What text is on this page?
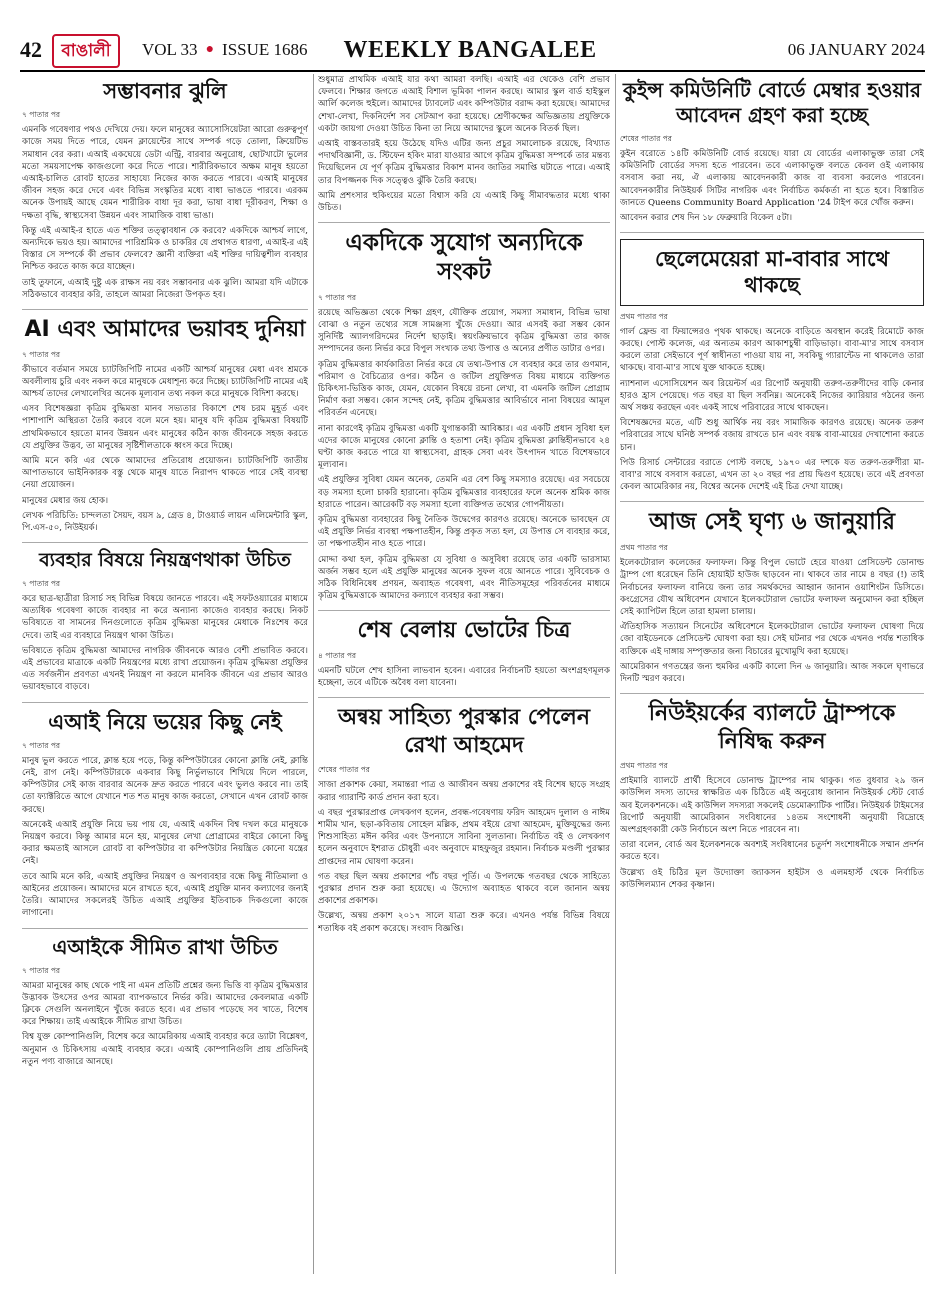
42	বাঙালী	VOL 33 ● ISSUE 1686 WEEKLY BANGALEE	06 JANUARY 2024
সম্ভাবনার ঝুলি
৭ পাতার পর

এমনকি গবেষণার পথও দেখিয়ে দেয়। ফলে মানুষের অ্যাসোসিয়েটরা আরো গুরুত্বপূর্ণ কাজে সময় দিতে পারে, যেমন ক্লায়েন্টের সাথে সম্পর্ক গড়ে তোলা, ক্রিয়েটিভ সমাধান বের করা। এআই একঘেয়ে ডেটা এন্ট্রি, বারবার অনুরোধ, ছোটখাটো ভুলের মতো সময়সাপেক্ষ কাজগুলো করে দিতে পারে। শারীরিকভাবে অক্ষম মানুষ হয়তো এআই-চালিত রোবট হাতের সাহায্যে নিজের কাজ করতে পারবে। এআই মানুষের জীবন সহজ করে দেবে এবং বিভিন্ন সংস্কৃতির মধ্যে বাধা ভাঙতে পারবে। এরকম অনেক উপায়ই আছে যেমন শারীরিক বাধা দূর করা, ভাষা বাধা দূরীকরণ, শিক্ষা ও দক্ষতা বৃদ্ধি, স্বাস্থ্যসেবা উন্নয়ন এবং সামাজিক বাধা ভাঙা।

কিন্তু এই এআই-র হাতে এত শক্তির তত্ত্বাবধান কে করবে? একদিকে আশ্চর্য লাগে, অন্যদিকে ভয়ও হয়। আমাদের পারিশ্রমিক ও চাকরির যে প্রথাগত ধারণা, এআই-র এই বিস্তার সে সম্পর্কে কী প্রভাব ফেলবে? জ্ঞানী ব্যক্তিরা এই শক্তির দায়িত্বশীল ব্যবহার নিশ্চিত করতে কাজ করে যাচ্ছেন।

তাই তুফানে, এআই দুষ্টু এক রাক্ষস নয় বরং সম্ভাবনার এক ঝুলি। আমরা যদি এটাকে সঠিকভাবে ব্যবহার করি, তাহলে আমরা নিজেরা উপকৃত হব।

AI এবং আমাদের ভয়াবহ দুনিয়া
৭ পাতার পর

কীভাবে বর্তমান সময়ে চ্যাটজিপিটি নামের একটি আশ্চর্য মানুষের মেধা এবং শ্রমকে অবলীলায় চুরি এবং নকল করে মানুষকে মেধাশূন্য করে দিচ্ছে। চ্যাটজিপিটি নামের এই আশ্চর্য তাদের লেখালেখির অনেক মূল্যবান তথ্য নকল করে মানুষকে বিদিশা করছে।

এসব বিশেষজ্ঞরা কৃত্রিম বুদ্ধিমত্তা মানব সভ্যতার বিকাশে শেষ চরম মুহূর্ত এবং পাশাপাশি অস্থিরতা তৈরি করবে বলে মনে হয়। মানুষ যদি কৃত্রিম বুদ্ধিমত্তা বিষয়টি প্রাথমিকভাবে হয়তো মানব উন্নয়ন এবং মানুষের কঠিন কাজ জীবনকে সহজ করতে যে প্রযুক্তির উদ্ভব, তা মানুষের সৃষ্টিশীলতাকে ধ্বংস করে দিচ্ছে।

আমি মনে করি এর থেকে আমাদের প্রতিরোধ প্রয়োজন। চ্যাটজিপিটি জাতীয় আপাতভাবে ভাইনিকারক বস্তু থেকে মানুষ যাতে নিরাপদ থাকতে পারে সেই ব্যবস্থা নেয়া প্রয়োজন।

মানুষের মেধার জয় হোক।

লেখক পরিচিতি: চান্দলতা সৈয়দ, বয়স ৯, গ্রেড ৪, টাওয়ার্ড লায়ন এলিমেন্টারি স্কুল, পি.এস-৫০, নিউইয়র্ক।

ব্যবহার বিষয়ে নিয়ন্ত্রণথাকা উচিত
৭ পাতার পর

করে ছাত্র-ছাত্রীরা রিসার্চ সহ বিভিন্ন বিষয়ে জানতে পারবে। এই সফটওয়্যারের মাধ্যমে অত্যধিক গবেষণা কাজে ব্যবহার না করে অন্যান্য কাজেও ব্যবহার করছে। নিকট ভবিষ্যতে বা সামনের দিনগুলোতে কৃত্রিম বুদ্ধিমত্তা মানুষের মেধাকে নিঃশেষ করে দেবে। তাই এর ব্যবহারে নিয়ন্ত্রণ থাকা উচিত।

ভবিষ্যতে কৃত্রিম বুদ্ধিমত্তা আমাদের নাগরিক জীবনকে আরও বেশী প্রভাবিত করবে। এই প্রভাবের মাত্রাকে একটি নিয়ন্ত্রণের মধ্যে রাখা প্রয়োজন। কৃত্রিম বুদ্ধিমত্তা প্রযুক্তির এত সর্বজনীন প্রবণতা এখনই নিয়ন্ত্রণ না করলে মানবিক জীবনে এর প্রভাব আরও ভয়াবহভাবে বাড়বে।

এআই নিয়ে ভয়ের কিছু নেই
৭ পাতার পর

মানুষ ভুল করতে পারে, ক্লান্ত হয়ে পড়ে, কিন্তু কম্পিউটারের কোনো ক্লান্তি নেই, ক্লান্তি নেই, রাগ নেই। কম্পিউটারকে একবার কিছু নির্ভুলভাবে শিখিয়ে দিলে পারলে, কম্পিউটার সেই কাজ বারবার অনেক দ্রুত করতে পারবে এবং ভুলও করবে না। তাই তো ফ্যাক্টরিতে আগে যেখানে শত শত মানুষ কাজ করতো, সেখানে এখন রোবট কাজ করছে।

অনেকেই এআই প্রযুক্তি নিয়ে ভয় পায় যে, এআই একদিন বিশ্ব দখল করে মানুষকে নিয়ন্ত্রণ করবে। কিন্তু আমার মনে হয়, মানুষের লেখা প্রোগ্রামের বাইরে কোনো কিছু করার ক্ষমতাই আসলে রোবট বা কম্পিউটার বা কম্পিউটার নিয়ন্ত্রিত কোনো যন্ত্রের নেই।

তবে আমি মনে করি, এআই প্রযুক্তির নিয়ন্ত্রণ ও অপব্যবহার বন্ধে কিছু নীতিমালা ও আইনের প্রয়োজন। আমাদের মনে রাখতে হবে, এআই প্রযুক্তি মানব কল্যাণের জন্যই তৈরি। আমাদের সকলেরই উচিত এআই প্রযুক্তির ইতিবাচক দিকগুলো কাজে লাগানো।

এআইকে সীমিত রাখা উচিত
৭ পাতার পর

আমরা মানুষের কাছ থেকে পাই না এমন প্রতিটি প্রশ্নের জন্য ভিত্তি বা কৃত্রিম বুদ্ধিমত্তার উদ্ভাবক উৎসের ওপর আমরা ব্যাপকভাবে নির্ভর করি। আমাদের কেবলমাত্র একটি ক্লিকে সেগুলি অনলাইনে খুঁজে করতে হবে। এর প্রভাব পড়েছে সব খাতে, বিশেষ করে শিক্ষায়। তাই এআইকে সীমিত রাখা উচিত।

বিশ্ব যুক্ত কোম্পানিগুলি, বিশেষ করে আমেরিকায় এআই ব্যবহার করে ড্যাটা বিশ্লেষণ, অনুমান ও চিকিৎসায় এআই ব্যবহার করে। এআই কোম্পানিগুলি প্রায় প্রতিদিনই নতুন পণ্য বাজারে আনছে।

শুধুমাত্র প্রাথমিক এআই যার কথা আমরা বলছি। এআই এর থেকেও বেশি প্রভাব ফেলবে। শিক্ষার জগতে এআই বিশাল ভূমিকা পালন করছে। আমার স্কুল বার্ড হাইস্কুল আর্লি কলেজ হুইলে। আমাদের ট্যাবলেট এবং কম্পিউটার বরাদ্দ করা হয়েছে। আমাদের শেখা-লেখা, দিকনির্দেশ সব সেটআপ করা হয়েছে। শ্রেণীকক্ষের অভিজ্ঞতায় প্রযুক্তিকে একটা জায়গা দেওয়া উচিত কিনা তা নিয়ে আমাদের স্কুলে অনেক বিতর্ক ছিল।

এআই বাস্তবতারই হয়ে উঠেছে যদিও এটির জন্য প্রচুর সমালোচক রয়েছে, বিখ্যাত পদার্থবিজ্ঞানী, ড. স্টিফেন হকিং মারা যাওয়ার আগে কৃত্রিম বুদ্ধিমত্তা সম্পর্কে তার মন্তব্য দিয়েছিলেন যে পূর্ণ কৃত্রিম বুদ্ধিমত্তার বিকাশ মানব জাতির সমাপ্তি ঘটাতে পারে। এআই তার বিপজ্জনক দিক সত্ত্বেও ঝুঁকি তৈরি করছে।

আমি প্রশংসার হুকিংয়ের মতো বিশ্বাস করি যে এআই কিছু সীমাবদ্ধতার মধ্যে থাকা উচিত।

একদিকে সুযোগ অন্যদিকে সংকট
৭ পাতার পর

রয়েছে অভিজ্ঞতা থেকে শিক্ষা গ্রহণ, যৌক্তিক প্রয়োগ, সমস্যা সমাধান, বিভিন্ন ভাষা বোঝা ও নতুন তথ্যের সঙ্গে সামঞ্জস্য খুঁজে দেওয়া। আর এসবই করা সম্ভব কোন সুনির্দিষ্ট অ্যালগরিদমের নির্দেশ ছাড়াই। স্বয়ংক্রিয়ভাবে কৃত্রিম বুদ্ধিমত্তা তার কাজ সম্পাদনের জন্য নির্ভর করে বিপুল সংখ্যক তথ্য উপাত্ত ও অন্যের প্রণীত ডাটার ওপর।

কৃত্রিম বুদ্ধিমত্তার কার্যকারিতা নির্ভর করে যে তথ্য-উপাত্ত সে ব্যবহার করে তার গুণমান, পরিমাণ ও বৈচিত্র্যের ওপর। কঠিন ও জটিল প্রযুক্তিগত বিষয় মাধ্যমে ব্যক্তিগত চিকিৎসা-ভিত্তিক কাজ, যেমন, যেকোন বিষয়ে রচনা লেখা, বা এমনকি জটিল প্রোগ্রাম নির্মাণ করা সম্ভব। কোন সন্দেহ নেই, কৃত্রিম বুদ্ধিমত্তার আবির্ভাবে নানা বিষয়ের আমূল পরিবর্তন এনেছে।

নানা কারণেই কৃত্রিম বুদ্ধিমত্তা একটি যুগান্তকারী আবিষ্কার। এর একটি প্রধান সুবিধা হল এদের কাজে মানুষের কোনো ক্লান্তি ও হতাশা নেই। কৃত্রিম বুদ্ধিমত্তা ক্লান্তিহীনভাবে ২৪ ঘণ্টা কাজ করতে পারে যা স্বাস্থ্যসেবা, গ্রাহক সেবা এবং উৎপাদন খাতে বিশেষভাবে মূল্যবান।

এই প্রযুক্তির সুবিধা যেমন অনেক, তেমনি এর বেশ কিছু সমস্যাও রয়েছে। এর সবচেয়ে বড় সমস্যা হলো চাকরি হারানো। কৃত্রিম বুদ্ধিমত্তার ব্যবহারের ফলে অনেক শ্রমিক কাজ হারাতে পারেন। আরেকটি বড় সমস্যা হলো ব্যক্তিগত তথ্যের গোপনীয়তা।

কৃত্রিম বুদ্ধিমত্তা ব্যবহারের কিছু নৈতিক উদ্বেগের কারণও রয়েছে। অনেকে ভাবছেন যে এই প্রযুক্তি নির্ভর ব্যবস্থা পক্ষপাতহীন, কিন্তু প্রকৃত সত্য হল, যে উপাত্ত সে ব্যবহার করে, তা পক্ষপাতহীন নাও হতে পারে।

মোদ্দা কথা হল, কৃত্রিম বুদ্ধিমত্তা যে সুবিধা ও অসুবিধা রয়েছে তার একটি ভারসাম্য অর্জন সম্ভব হলে এই প্রযুক্তি মানুষের অনেক সুফল বয়ে আনতে পারে। সুবিবেচক ও সঠিক বিধিনিষেধ প্রণয়ন, অব্যাহত গবেষণা, এবং নীতিসমূহের পরিবর্তনের মাধ্যমে কৃত্রিম বুদ্ধিমত্তাকে আমাদের কল্যাণে ব্যবহার করা সম্ভব।

শেষ বেলায় ভোটের চিত্র
৪ পাতার পর

এমনটি ঘটলে শেখ হাসিনা লাভবান হবেন। এবারের নির্বাচনটি হয়তো অংশগ্রহণমূলক হচ্ছেনা, তবে এটিকে অবৈধ বলা যাবেনা।

অন্বয় সাহিত্য পুরস্কার পেলেন রেখা আহমেদ
শেষের পাতার পর

সাজা প্রকাশক কেয়া, সমান্তরা পাত্র ও আজীবন অন্বয় প্রকাশের বই বিশেষ ছাড়ে সংগ্রহ করার গ্যারান্টি কার্ড প্রদান করা হবে।

এ বছর পুরস্কারপ্রাপ্ত লেখকগণ হলেন, প্রবন্ধ-গবেষণায় ফরিদ আহমেদ দুলাল ও নাঈম শামীম খান, ছড়া-কবিতায় সোহেল মল্লিক, প্রথম বইয়ে রেখা আহমেদ, মুক্তিযুদ্ধের জন্য শিশুসাহিত্য মঈন কবির এবং উপন্যাসে সাবিনা সুলতানা। নির্বাচিত বই ও লেখকগণ হলেন অনুবাদে ইশরাত চৌধুরী এবং অনুবাদে মাহফুজুর রহমান। নির্বাচক মণ্ডলী পুরস্কার প্রাপ্তদের নাম ঘোষণা করেন।

গত বছর ছিল অন্বয় প্রকাশের পাঁচ বছর পূর্তি। এ উপলক্ষে গতবছর থেকে সাহিত্যে পুরস্কার প্রদান শুরু করা হয়েছে। এ উদ্যোগ অব্যাহত থাকবে বলে জানান অন্বয় প্রকাশের প্রকাশক।

উল্লেখ্য, অন্বয় প্রকাশ ২০১৭ সালে যাত্রা শুরু করে। এখনও পর্যন্ত বিভিন্ন বিষয়ে শতাধিক বই প্রকাশ করেছে। সংবাদ বিজ্ঞপ্তি।

কুইন্স কমিউনিটি বোর্ডে মেম্বার হওয়ার আবেদন গ্রহণ করা হচ্ছে
শেষের পাতার পর

কুইন বরোতে ১৪টি কমিউনিটি বোর্ড রয়েছে। যারা যে বোর্ডের এলাকাভুক্ত তারা সেই কমিউনিটি বোর্ডের সদস্য হতে পারবেন। তবে এলাকাভুক্ত বলতে কেবল ওই এলাকায় বসবাস করা নয়, ঐ এলাকায় আবেদনকারী কাজ বা ব্যবসা করলেও পারবেন। আবেদনকারীর নিউইয়র্ক সিটির নাগরিক এবং নির্বাচিত কর্মকর্তা না হতে হবে। বিস্তারিত জানতে Queens Community Board Application '24 টাইপ করে খোঁজ করুন।

আবেদন করার শেষ দিন ১৮ ফেব্রুয়ারি বিকেল ৫টা।

ছেলেমেয়েরা মা-বাবার সাথে থাকছে
প্রথম পাতার পর

গার্ল ফ্রেন্ড বা ফিয়ান্সেরও পৃথক থাকছে। অনেকে বাড়িতে অবস্থান করেই রিমোটে কাজ করছে। পোস্ট কলেজ, এর অন্যতম কারণ আকাশচুম্বী বাড়িভাড়া। বাবা-মা'র সাথে বসবাস করলে তারা সেইভাবে পূর্ণ স্বাধীনতা পাওয়া যায় না, সবকিছু গ্যারান্টেড না থাকলেও তারা থাকছে। বাবা-মা'র সাথে যুক্ত থাকতে হচ্ছে।

ন্যাশনাল এসোসিয়েশন অব রিয়েল্টর্স এর রিপোর্ট অনুযায়ী তরুণ-তরুণীদের বাড়ি কেনার হারও হ্রাস পেয়েছে। গত বছর যা ছিল সর্বনিম্ন। অনেকেই নিজের ক্যারিয়ার গঠনের জন্য অর্থ সঞ্চয় করছেন এবং একই সাথে পরিবারের সাথে থাকছেন।

বিশেষজ্ঞদের মতে, এটি শুধু আর্থিক নয় বরং সামাজিক কারণও রয়েছে। অনেক তরুণ পরিবারের সাথে ঘনিষ্ঠ সম্পর্ক বজায় রাখতে চান এবং বয়স্ক বাবা-মায়ের দেখাশোনা করতে চান।

পিউ রিসার্চ সেন্টারের বরাতে পোস্ট বলছে, ১৯৭০ এর দশকে যত তরুণ-তরুণীরা মা-বাবা'র সাথে বসবাস করতো, এখন তা ২০ বছর পর প্রায় দ্বিগুণ হয়েছে। তবে এই প্রবণতা কেবল আমেরিকার নয়, বিশ্বের অনেক দেশেই এই চিত্র দেখা যাচ্ছে।

আজ সেই ঘৃণ্য ৬ জানুয়ারি
প্রথম পাতার পর

ইলেকটোরাল কলেজের ফলাফল। কিন্তু বিপুল ভোটে হেরে যাওয়া প্রেসিডেন্ট ডোনাল্ড ট্রাম্প গো ধরেছেন তিনি হোয়াইট হাউজ ছাড়বেন না। থাকবে তার নামে ৪ বছর (!) তাই নির্বাচনের ফলাফল বানিয়ে জন্য তার সমর্থকদের আহ্বান জানান ওয়াশিংটন ডিসিতে। কংগ্রেসের যৌথ অধিবেশন যেখানে ইলেকটোরাল ভোটের ফলাফল অনুমোদন করা হচ্ছিল সেই ক্যাপিটল হিলে তারা হামলা চালায়।

ঐতিহাসিক সত্যায়ন সিনেটের অধিবেশনে ইলেকটোরাল ভোটের ফলাফল ঘোষণা দিয়ে জো বাইডেনকে প্রেসিডেন্ট ঘোষণা করা হয়। সেই ঘটনার পর থেকে এখনও পর্যন্ত শতাধিক ব্যক্তিকে এই দাঙ্গায় সম্পৃক্ততার জন্য বিচারের মুখোমুখি করা হয়েছে।

আমেরিকান গণতন্ত্রের জন্য হুমকির একটি কালো দিন ৬ জানুয়ারি। আজ সকলে ঘৃণাভরে দিনটি স্মরণ করবে।

নিউইয়র্কের ব্যালটে ট্রাম্পকে নিষিদ্ধ করুন
প্রথম পাতার পর

প্রাইমারি ব্যালটে প্রার্থী হিসেবে ডোনাল্ড ট্রাম্পের নাম থাকুক। গত বুধবার ২৯ জন কাউন্সিল সদস্য তাদের স্বাক্ষরিত এক চিঠিতে এই অনুরোধ জানান নিউইয়র্ক স্টেট বোর্ড অব ইলেকশনকে। এই কাউন্সিল সদস্যরা সকলেই ডেমোক্র্যাটিক পার্টির। নিউইয়র্ক টাইমসের রিপোর্ট অনুযায়ী আমেরিকান সংবিধানের ১৪তম সংশোধনী অনুযায়ী বিদ্রোহে অংশগ্রহণকারী কেউ নির্বাচনে অংশ নিতে পারবেন না।

তারা বলেন, বোর্ড অব ইলেকশনকে অবশ্যই সংবিধানের চতুর্দশ সংশোধনীকে সম্মান প্রদর্শন করতে হবে।

উল্লেখ্য ওই চিঠির মূল উদ্যোক্তা জ্যাকসন হাইটস ও এলমহার্স্ট থেকে নির্বাচিত কাউন্সিলম্যান শেকর কৃষ্ণান।
